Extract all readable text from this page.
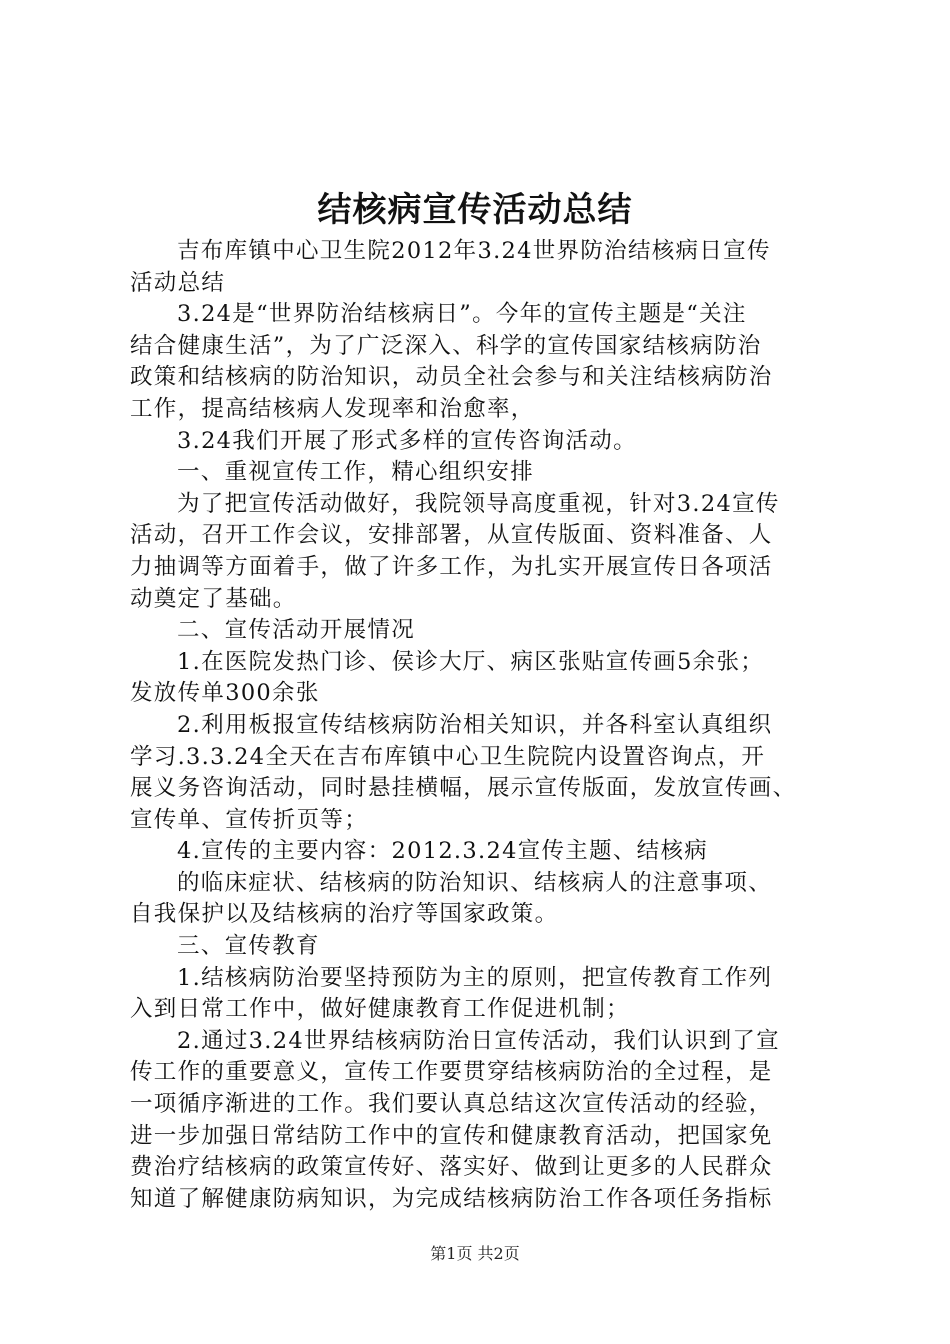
结核病宣传活动总结
吉布库镇中心卫生院2012年3.24世界防治结核病日宣传
活动总结
3.24是“世界防治结核病日”。今年的宣传主题是“关注
结合健康生活”，为了广泛深入、科学的宣传国家结核病防治
政策和结核病的防治知识，动员全社会参与和关注结核病防治
工作，提高结核病人发现率和治愈率，
3.24我们开展了形式多样的宣传咨询活动。
一、重视宣传工作，精心组织安排
为了把宣传活动做好，我院领导高度重视，针对3.24宣传
活动，召开工作会议，安排部署，从宣传版面、资料准备、人
力抽调等方面着手，做了许多工作，为扎实开展宣传日各项活
动奠定了基础。
二、宣传活动开展情况
1.在医院发热门诊、侯诊大厅、病区张贴宣传画5余张；
发放传单300余张
2.利用板报宣传结核病防治相关知识，并各科室认真组织
学习.3.3.24全天在吉布库镇中心卫生院院内设置咨询点，开
展义务咨询活动，同时悬挂横幅，展示宣传版面，发放宣传画、
宣传单、宣传折页等；
4.宣传的主要内容：2012.3.24宣传主题、结核病
的临床症状、结核病的防治知识、结核病人的注意事项、
自我保护以及结核病的治疗等国家政策。
三、宣传教育
1.结核病防治要坚持预防为主的原则，把宣传教育工作列
入到日常工作中，做好健康教育工作促进机制；
2.通过3.24世界结核病防治日宣传活动，我们认识到了宣
传工作的重要意义，宣传工作要贯穿结核病防治的全过程，是
一项循序渐进的工作。我们要认真总结这次宣传活动的经验，
进一步加强日常结防工作中的宣传和健康教育活动，把国家免
费治疗结核病的政策宣传好、落实好、做到让更多的人民群众
知道了解健康防病知识，为完成结核病防治工作各项任务指标
第1页 共2页
